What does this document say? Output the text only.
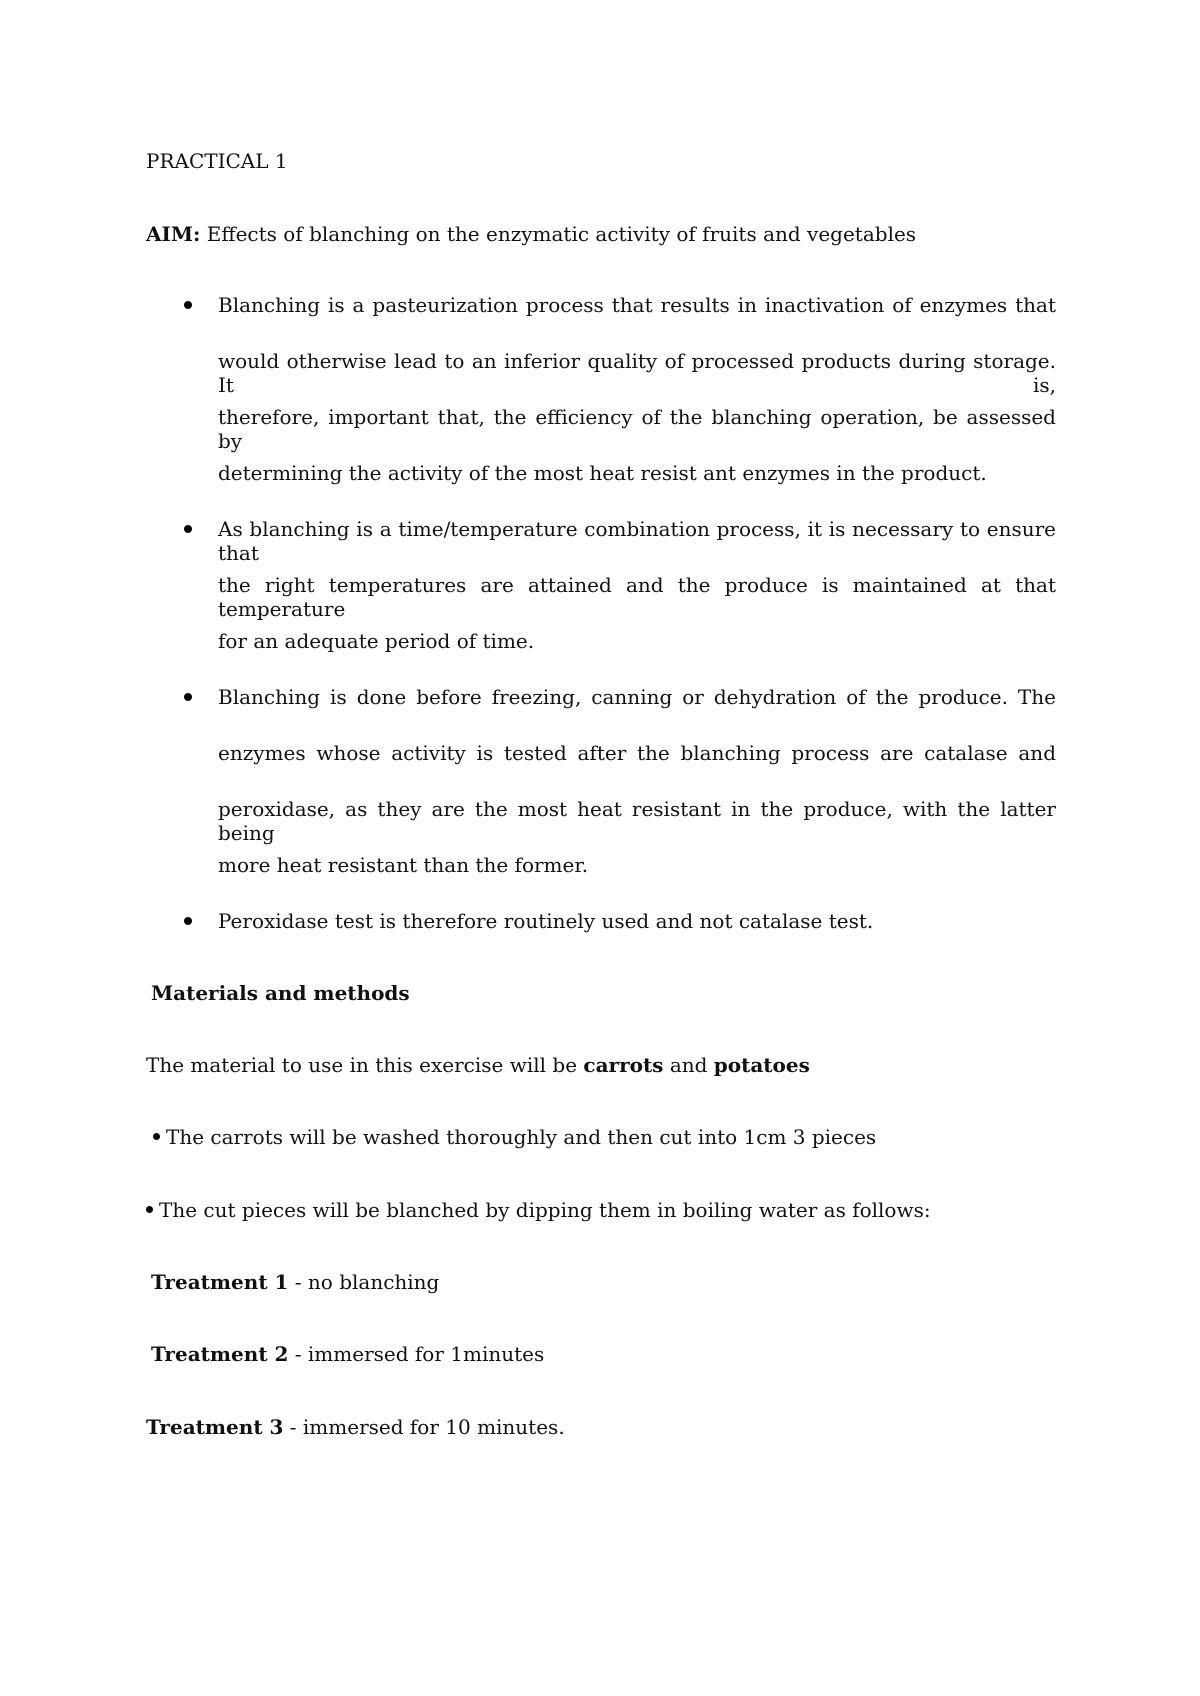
PRACTICAL 1
AIM: Effects of blanching on the enzymatic activity of fruits and vegetables
Blanching is a pasteurization process that results in inactivation of enzymes that
would otherwise lead to an inferior quality of processed products during storage. It is,
therefore, important that, the efficiency of the blanching operation, be assessed by
determining the activity of the most heat resist ant enzymes in the product.
As blanching is a time/temperature combination process, it is necessary to ensure that
the right temperatures are attained and the produce is maintained at that temperature
for an adequate period of time.
Blanching is done before freezing, canning or dehydration of the produce. The
enzymes whose activity is tested after the blanching process are catalase and
peroxidase, as they are the most heat resistant in the produce, with the latter being
more heat resistant than the former.
Peroxidase test is therefore routinely used and not catalase test.
Materials and methods
The material to use in this exercise will be carrots and potatoes
The carrots will be washed thoroughly and then cut into 1cm 3 pieces
The cut pieces will be blanched by dipping them in boiling water as follows:
Treatment 1 - no blanching
Treatment 2 - immersed for 1minutes
Treatment 3 - immersed for 10 minutes.
